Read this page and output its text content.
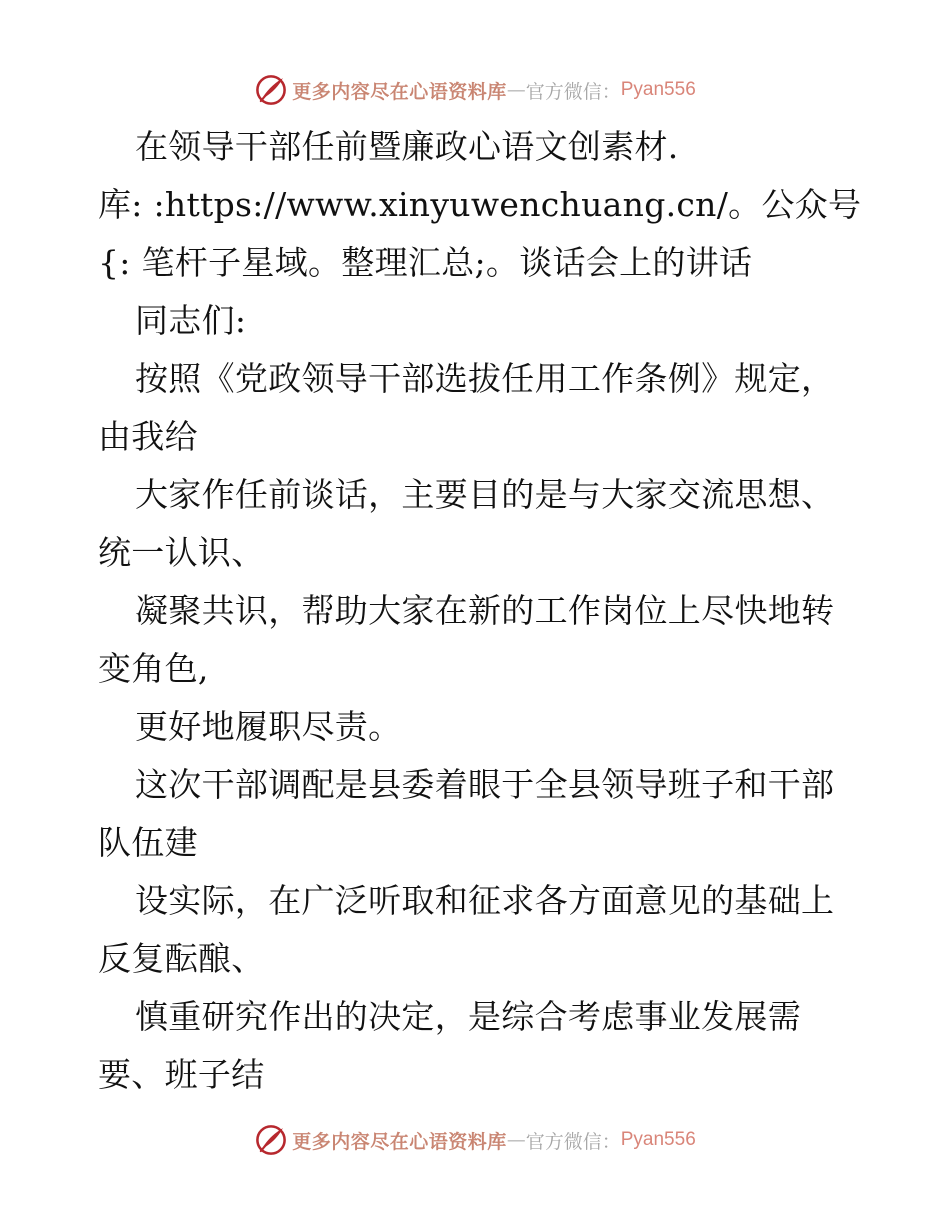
更多内容尽在心语资料库 — 官方微信： Pyan556
在领导干部任前暨廉政心语文创素材.
库: :https://www.xinyuwenchuang.cn/。公众号
{: 笔杆子星域。整理汇总;。谈话会上的讲话
同志们:
按照《党政领导干部选拔任用工作条例》规定，
由我给
大家作任前谈话，主要目的是与大家交流思想、
统一认识、
凝聚共识，帮助大家在新的工作岗位上尽快地转
变角色,
更好地履职尽责。
这次干部调配是县委着眼于全县领导班子和干部
队伍建
设实际，在广泛听取和征求各方面意见的基础上
反复酝酿、
慎重研究作出的决定，是综合考虑事业发展需
要、班子结
更多内容尽在心语资料库 — 官方微信： Pyan556
